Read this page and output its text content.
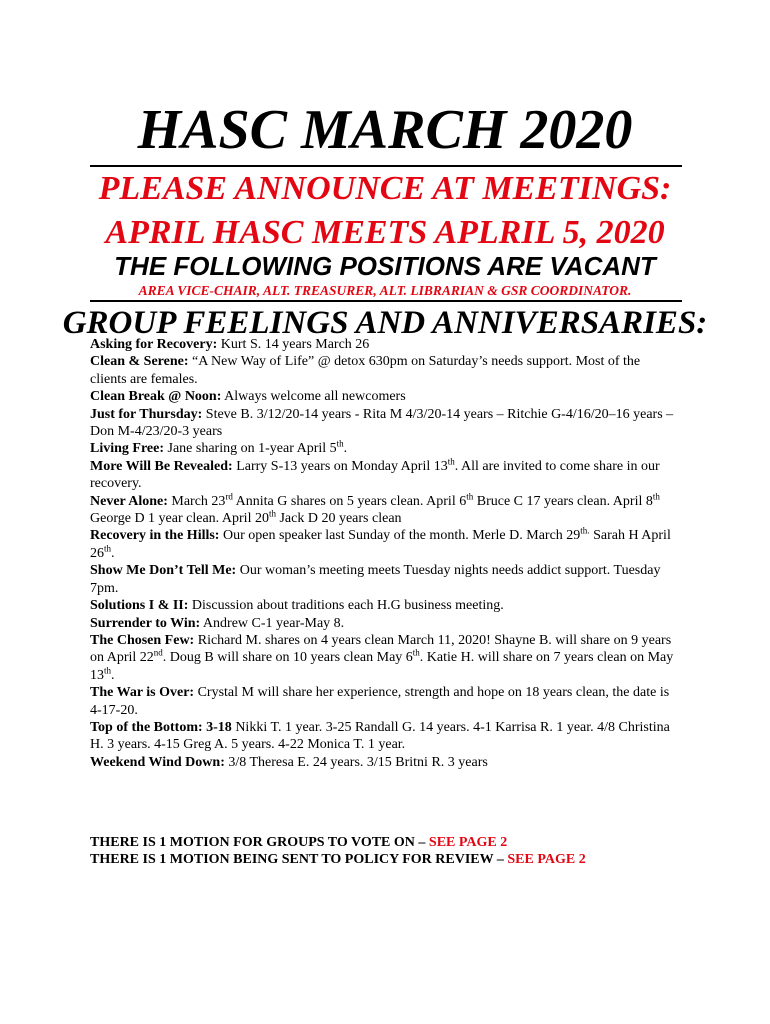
HASC MARCH 2020
PLEASE ANNOUNCE AT MEETINGS:
APRIL HASC MEETS APLRIL 5, 2020
THE FOLLOWING POSITIONS ARE VACANT
AREA VICE-CHAIR, ALT. TREASURER, ALT. LIBRARIAN & GSR COORDINATOR.
GROUP FEELINGS AND ANNIVERSARIES:

Asking for Recovery: Kurt S. 14 years March 26

Clean & Serene: “A New Way of Life” @ detox 630pm on Saturday’s needs support. Most of the clients are females.

Clean Break @ Noon: Always welcome all newcomers

Just for Thursday: Steve B. 3/12/20-14 years - Rita M 4/3/20-14 years – Ritchie G-4/16/20–16 years – Don M-4/23/20-3 years

Living Free: Jane sharing on 1-year April 5th.

More Will Be Revealed: Larry S-13 years on Monday April 13th. All are invited to come share in our recovery.

Never Alone: March 23rd Annita G shares on 5 years clean. April 6th Bruce C 17 years clean. April 8th George D 1 year clean. April 20th Jack D 20 years clean

Recovery in the Hills: Our open speaker last Sunday of the month. Merle D. March $29^{th.}$ Sarah H April 26th.

Show Me Don’t Tell Me: Our woman’s meeting meets Tuesday nights needs addict support. Tuesday 7pm.

Solutions I & II: Discussion about traditions each H.G business meeting.

Surrender to Win: Andrew C-1 year-May 8.

The Chosen Few: Richard M. shares on 4 years clean March 11, 2020! Shayne B. will share on 9 years on April 22nd. Doug B will share on 10 years clean May 6th. Katie H. will share on 7 years clean on May 13th.

The War is Over: Crystal M will share her experience, strength and hope on 18 years clean, the date is 4-17-20.

Top of the Bottom: 3-18 Nikki T. 1 year. 3-25 Randall G. 14 years. 4-1 Karrisa R. 1 year. 4/8 Christina H. 3 years. 4-15 Greg A. 5 years. 4-22 Monica T. 1 year.

Weekend Wind Down: 3/8 Theresa E. 24 years. 3/15 Britni R. 3 years

THERE IS 1 MOTION FOR GROUPS TO VOTE ON – SEE PAGE 2

THERE IS 1 MOTION BEING SENT TO POLICY FOR REVIEW – SEE PAGE 2
